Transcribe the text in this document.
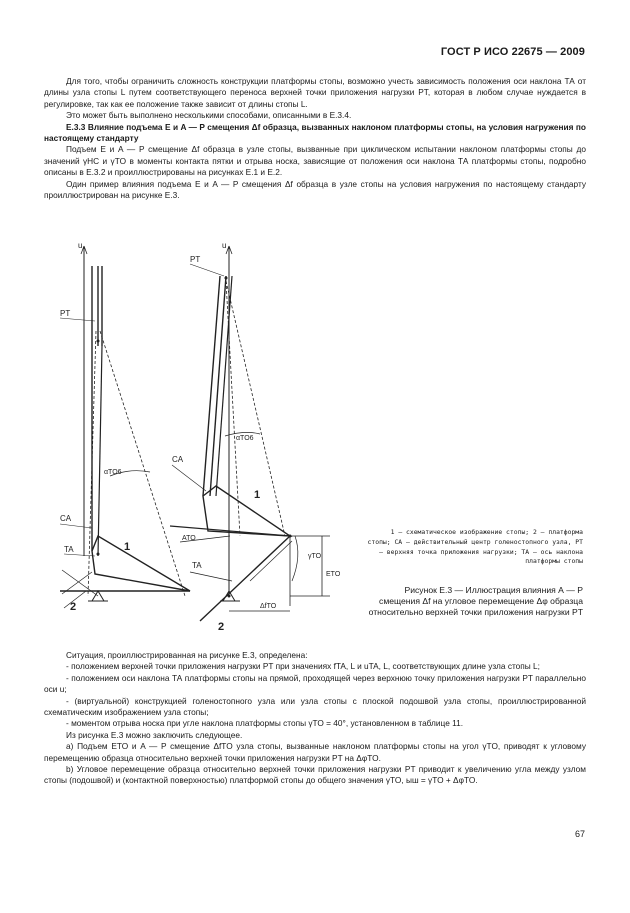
ГОСТ Р ИСО 22675 — 2009

Для того, чтобы ограничить сложность конструкции платформы стопы, возможно учесть зависимость положения оси наклона ТА от длины узла стопы L путем соответствующего переноса верхней точки приложения нагрузки PT, которая в любом случае нуждается в регулировке, так как ее положение также зависит от длины стопы L.

Это может быть выполнено несколькими способами, описанными в Е.3.4.

Е.3.3 Влияние подъема E и A — P смещения Δf образца, вызванных наклоном платформы стопы, на условия нагружения по настоящему стандарту

Подъем E и A — P смещение Δf образца в узле стопы, вызванные при циклическом испытании наклоном платформы стопы до значений γHC и γTO в моменты контакта пятки и отрыва носка, зависящие от положения оси наклона ТА платформы стопы, подробно описаны в Е.3.2 и проиллюстрированы на рисунках Е.1 и Е.2.

Один пример влияния подъема E и A — P смещения Δf образца в узле стопы на условия нагружения по настоящему стандарту проиллюстрирован на рисунке Е.3.

u
PT
CA
TA
αTO6
1
2
u
PT
CA
TA
αTO6
1
2
ATO
γTO
ETO
ΔfTO
1 — схематическое изображение стопы; 2 — платформа стопы; CA — действительный центр голеностопного узла, PT — верхняя точка приложения нагрузки; ТА — ось наклона платформы стопы
Рисунок Е.3 — Иллюстрация влияния А — Р смещения Δf на угловое перемещение Δφ образца относительно верхней точки приложения нагрузки PT

Ситуация, проиллюстрированная на рисунке Е.3, определена:

- положением верхней точки приложения нагрузки PT при значениях fTA, L и uTA, L, соответствующих длине узла стопы L;

- положением оси наклона ТА платформы стопы на прямой, проходящей через верхнюю точку приложения нагрузки PT параллельно оси u;

- (виртуальной) конструкцией голеностопного узла или узла стопы с плоской подошвой узла стопы, проиллюстрированной схематическим изображением узла стопы;

- моментом отрыва носка при угле наклона платформы стопы γTO = 40°, установленном в таблице 11.

Из рисунка Е.3 можно заключить следующее.

а) Подъем ETO и A — P смещение ΔfTO узла стопы, вызванные наклоном платформы стопы на угол γTO, приводят к угловому перемещению образца относительно верхней точки приложения нагрузки PT на ΔφTO.

b) Угловое перемещение образца относительно верхней точки приложения нагрузки PT приводит к увеличению угла между узлом стопы (подошвой) и (контактной поверхностью) платформой стопы до общего значения γTO, ыш = γTO + ΔφTO.

67
